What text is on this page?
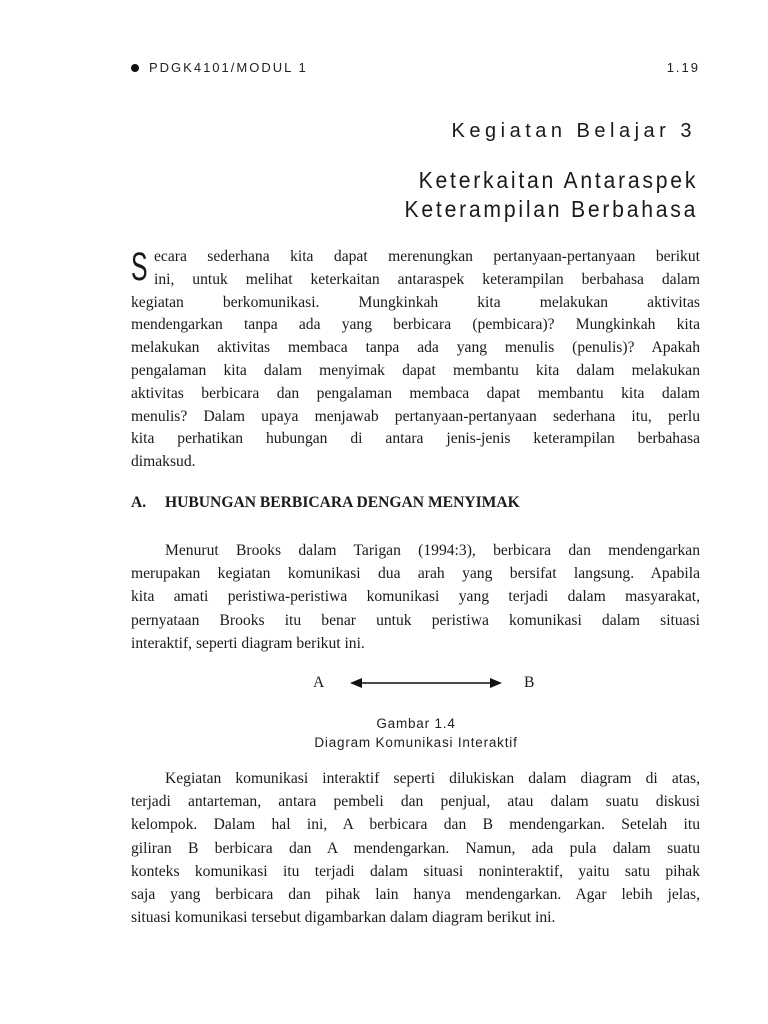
PDGK4101/MODUL 1	1.19
Kegiatan Belajar 3
Keterkaitan Antaraspek
Keterampilan Berbahasa
S ecara sederhana kita dapat merenungkan pertanyaan-pertanyaan berikut
ini, untuk melihat keterkaitan antaraspek keterampilan berbahasa dalam
kegiatan berkomunikasi. Mungkinkah kita melakukan aktivitas
mendengarkan tanpa ada yang berbicara (pembicara)? Mungkinkah kita
melakukan aktivitas membaca tanpa ada yang menulis (penulis)? Apakah
pengalaman kita dalam menyimak dapat membantu kita dalam melakukan
aktivitas berbicara dan pengalaman membaca dapat membantu kita dalam
menulis? Dalam upaya menjawab pertanyaan-pertanyaan sederhana itu, perlu
kita perhatikan hubungan di antara jenis-jenis keterampilan berbahasa
dimaksud.
A. HUBUNGAN BERBICARA DENGAN MENYIMAK
Menurut Brooks dalam Tarigan (1994:3), berbicara dan mendengarkan
merupakan kegiatan komunikasi dua arah yang bersifat langsung. Apabila
kita amati peristiwa-peristiwa komunikasi yang terjadi dalam masyarakat,
pernyataan Brooks itu benar untuk peristiwa komunikasi dalam situasi
interaktif, seperti diagram berikut ini.
A	B
Gambar 1.4
Diagram Komunikasi Interaktif
Kegiatan komunikasi interaktif seperti dilukiskan dalam diagram di atas,
terjadi antarteman, antara pembeli dan penjual, atau dalam suatu diskusi
kelompok. Dalam hal ini, A berbicara dan B mendengarkan. Setelah itu
giliran B berbicara dan A mendengarkan. Namun, ada pula dalam suatu
konteks komunikasi itu terjadi dalam situasi noninteraktif, yaitu satu pihak
saja yang berbicara dan pihak lain hanya mendengarkan. Agar lebih jelas,
situasi komunikasi tersebut digambarkan dalam diagram berikut ini.
